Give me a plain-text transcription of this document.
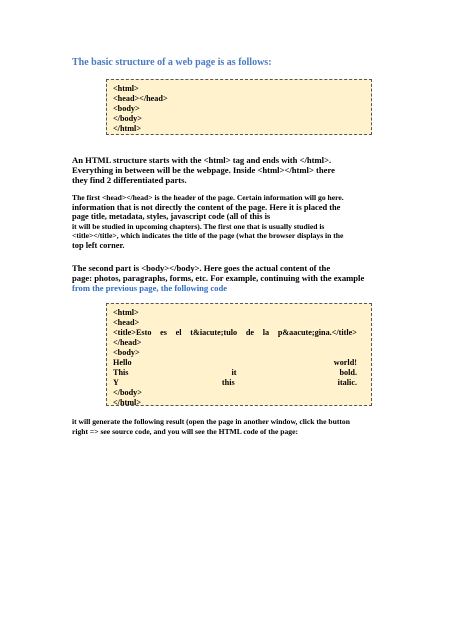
The basic structure of a web page is as follows:
<html>
<head></head>
<body>
</body>
</html>
An HTML structure starts with the <html> tag and ends with </html>.
Everything in between will be the webpage. Inside <html></html> there
they find 2 differentiated parts.
The first <head></head> is the header of the page. Certain information will go here.
information that is not directly the content of the page. Here it is placed the
page title, metadata, styles, javascript code (all of this is
it will be studied in upcoming chapters). The first one that is usually studied is
<title></title>, which indicates the title of the page (what the browser displays in the
top left corner.
The second part is <body></body>. Here goes the actual content of the
page: photos, paragraphs, forms, etc. For example, continuing with the example
from the previous page, the following code
<html>
<head>
<title>Esto es el t&iacute;tulo de la p&aacute;gina.</title>
</head>
<body>
Hello	world!
This	it	bold.
Y	this	italic.
</body>
</html>
it will generate the following result (open the page in another window, click the button
right => see source code, and you will see the HTML code of the page:
